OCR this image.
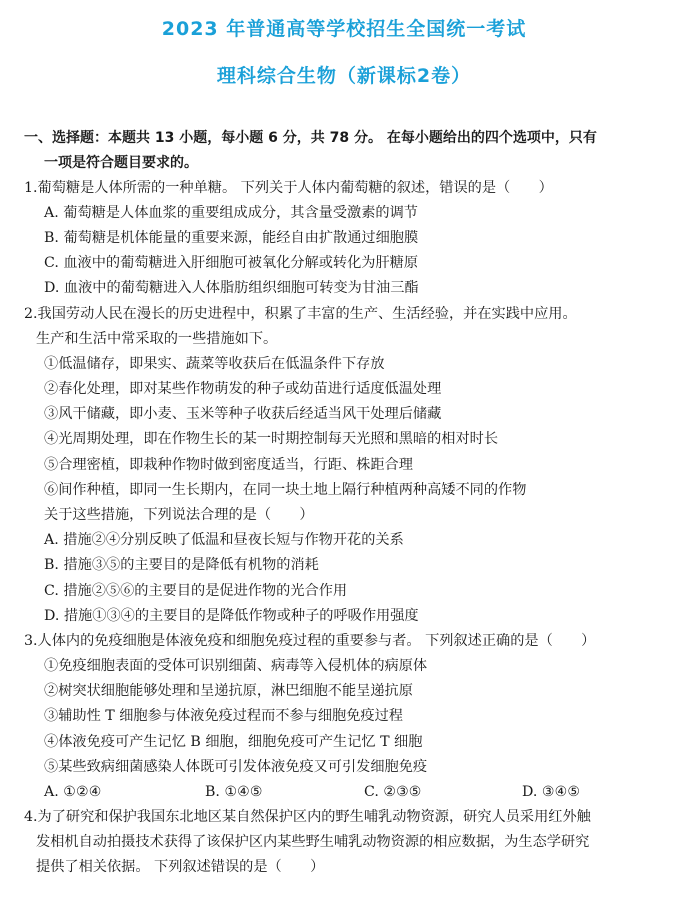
2023 年普通高等学校招生全国统一考试
理科综合生物（新课标2卷）
一、选择题：本题共 13 小题，每小题 6 分，共 78 分。 在每小题给出的四个选项中，只有
一项是符合题目要求的。
1.葡萄糖是人体所需的一种单糖。 下列关于人体内葡萄糖的叙述，错误的是（　　）
A. 葡萄糖是人体血浆的重要组成成分，其含量受激素的调节
B. 葡萄糖是机体能量的重要来源，能经自由扩散通过细胞膜
C. 血液中的葡萄糖进入肝细胞可被氧化分解或转化为肝糖原
D. 血液中的葡萄糖进入人体脂肪组织细胞可转变为甘油三酯
2.我国劳动人民在漫长的历史进程中，积累了丰富的生产、生活经验，并在实践中应用。
生产和生活中常采取的一些措施如下。
①低温储存，即果实、蔬菜等收获后在低温条件下存放
②春化处理，即对某些作物萌发的种子或幼苗进行适度低温处理
③风干储藏，即小麦、玉米等种子收获后经适当风干处理后储藏
④光周期处理，即在作物生长的某一时期控制每天光照和黑暗的相对时长
⑤合理密植，即栽种作物时做到密度适当，行距、株距合理
⑥间作种植，即同一生长期内，在同一块土地上隔行种植两种高矮不同的作物
关于这些措施，下列说法合理的是（　　）
A. 措施②④分别反映了低温和昼夜长短与作物开花的关系
B. 措施③⑤的主要目的是降低有机物的消耗
C. 措施②⑤⑥的主要目的是促进作物的光合作用
D. 措施①③④的主要目的是降低作物或种子的呼吸作用强度
3.人体内的免疫细胞是体液免疫和细胞免疫过程的重要参与者。 下列叙述正确的是（　　）
①免疫细胞表面的受体可识别细菌、病毒等入侵机体的病原体
②树突状细胞能够处理和呈递抗原，淋巴细胞不能呈递抗原
③辅助性 T 细胞参与体液免疫过程而不参与细胞免疫过程
④体液免疫可产生记忆 B 细胞，细胞免疫可产生记忆 T 细胞
⑤某些致病细菌感染人体既可引发体液免疫又可引发细胞免疫
A. ①②④	B. ①④⑤	C. ②③⑤	D. ③④⑤
4.为了研究和保护我国东北地区某自然保护区内的野生哺乳动物资源，研究人员采用红外触
发相机自动拍摄技术获得了该保护区内某些野生哺乳动物资源的相应数据，为生态学研究
提供了相关依据。 下列叙述错误的是（　　）
